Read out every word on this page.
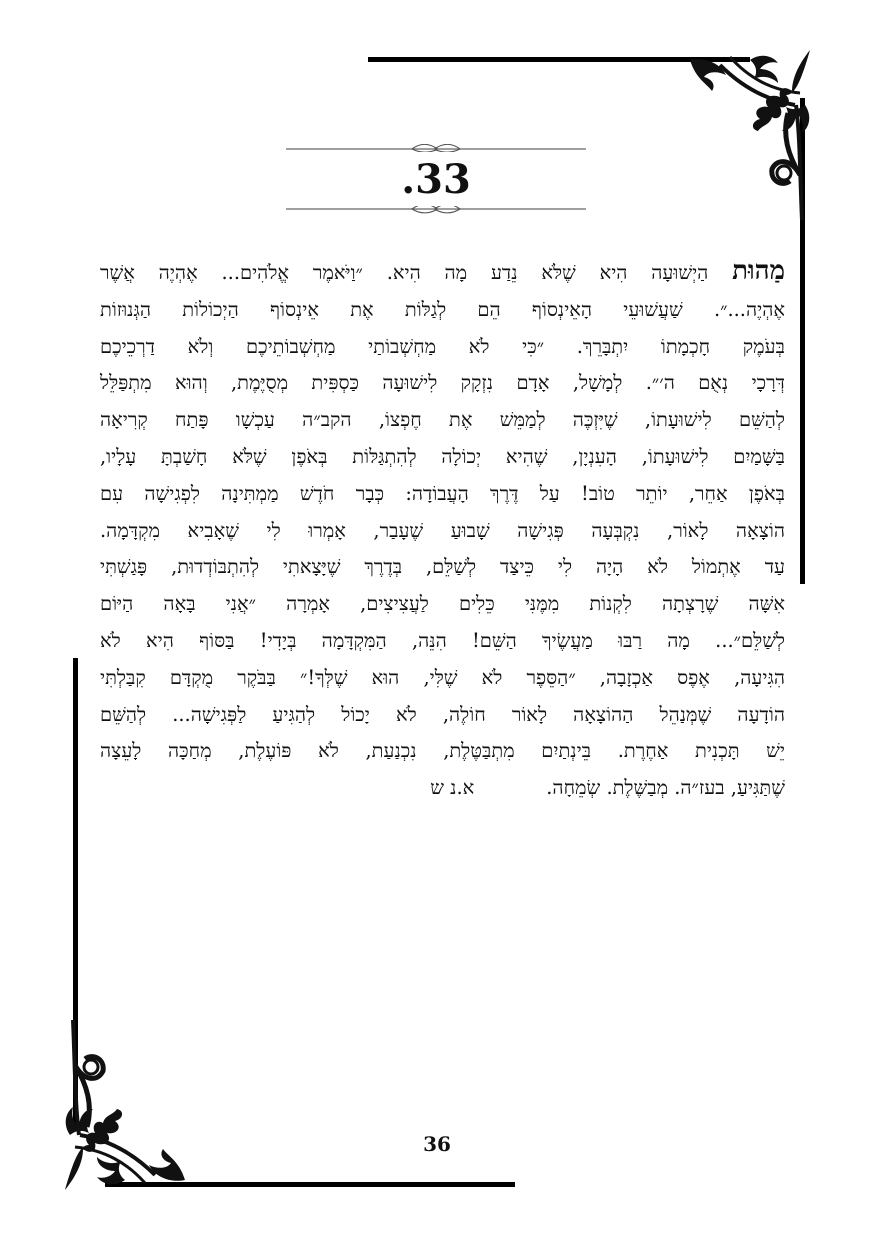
.33
מַהוּת הַיְשׁוּעָה הִיא שֶׁלֹּא נֵדַע מָה הִיא. ״וַיֹּאמֶר אֱלֹהִים... אֶהְיֶה אֲשֶׁר
אֶהְיֶה...״. שַׁעֲשׁוּעֵי הָאֵינְסוֹף הֵם לְגַלּוֹת אֶת אֵינְסוֹף הַיְכוֹלוֹת הַגְּנוּזוֹת
בְּעֹמֶק חָכְמָתוֹ יִתְבָּרֵךְ. ״כִּי לֹא מַחְשְׁבוֹתַי מַחְשְׁבוֹתֵיכֶם וְלֹא דַרְכֵיכֶם
דְּרָכָי נְאֻם ה׳״. לְמָשָׁל, אָדָם נִזְקָק לִישׁוּעָה כַּסְפִּית מְסֻיֶּמֶת, וְהוּא מִתְפַּלֵּל
לְהַשֵּׁם לִישׁוּעָתוֹ, שֶׁיִּזְכֶּה לְמַמֵּשׁ אֶת חֶפְצוֹ, הקב״ה עַכְשָׁו פָּתַח קְרִיאָה
בַּשָּׁמַיִם לִישׁוּעָתוֹ, הָעִנְיָן, שֶׁהִיא יְכוֹלָה לְהִתְגַּלּוֹת בְּאֹפֶן שֶׁלֹּא חָשַׁבְתָּ עָלָיו,
בְּאֹפֶן אַחֵר, יוֹתֵר טוֹב! עַל דֶּרֶךְ הָעֲבוֹדָה: כְּבָר חֹדֶשׁ מַמְתִּינָה לִפְגִישָׁה עִם
הוֹצָאָה לָאוֹר, נִקְבְּעָה פְּגִישָׁה שָׁבוּעַ שֶׁעָבַר, אָמְרוּ לִי שֶׁאָבִיא מִקְדָּמָה.
עַד אֶתְמוֹל לֹא הָיָה לִי כֵּיצַד לְשַׁלֵּם, בְּדֶרֶךְ שֶׁיָּצָאתִי לְהִתְבּוֹדְדוּת, פָּגַשְׁתִּי
אִשָּׁה שֶׁרָצְתָה לִקְנוֹת מִמֶּנִּי כֵּלִים לַעֲצִיצִים, אָמְרָה ״אֲנִי בָּאָה הַיּוֹם
לְשַׁלֵּם״... מָה רַבּוּ מַעֲשֶׂיךָ הַשֵּׁם! הִנֵּה, הַמִּקְדָּמָה בְּיָדִי! בַּסּוֹף הִיא לֹא
הִגִּיעָה, אֶפֶס אַכְזָבָה, ״הַסֵּפֶר לֹא שֶׁלִּי, הוּא שֶׁלְּךָ!״ בַּבֹּקֶר מֻקְדָּם קִבַּלְתִּי
הוֹדָעָה שֶׁמְּנַהֵל הַהוֹצָאָה לָאוֹר חוֹלֶה, לֹא יָכוֹל לְהַגִּיעַ לַפְּגִישָׁה... לְהַשֵּׁם
יֵשׁ תָּכְנִית אַחֶרֶת. בֵּינְתַיִם מִתְבַּטֶּלֶת, נִכְנַעַת, לֹא פּוֹעֶלֶת, מְחַכָּה לָעֵצָה
שֶׁתַּגִּיעַ, בעז״ה. מְבַשֶּׁלֶת. שְׂמֵחָה.א.נ ש
36
